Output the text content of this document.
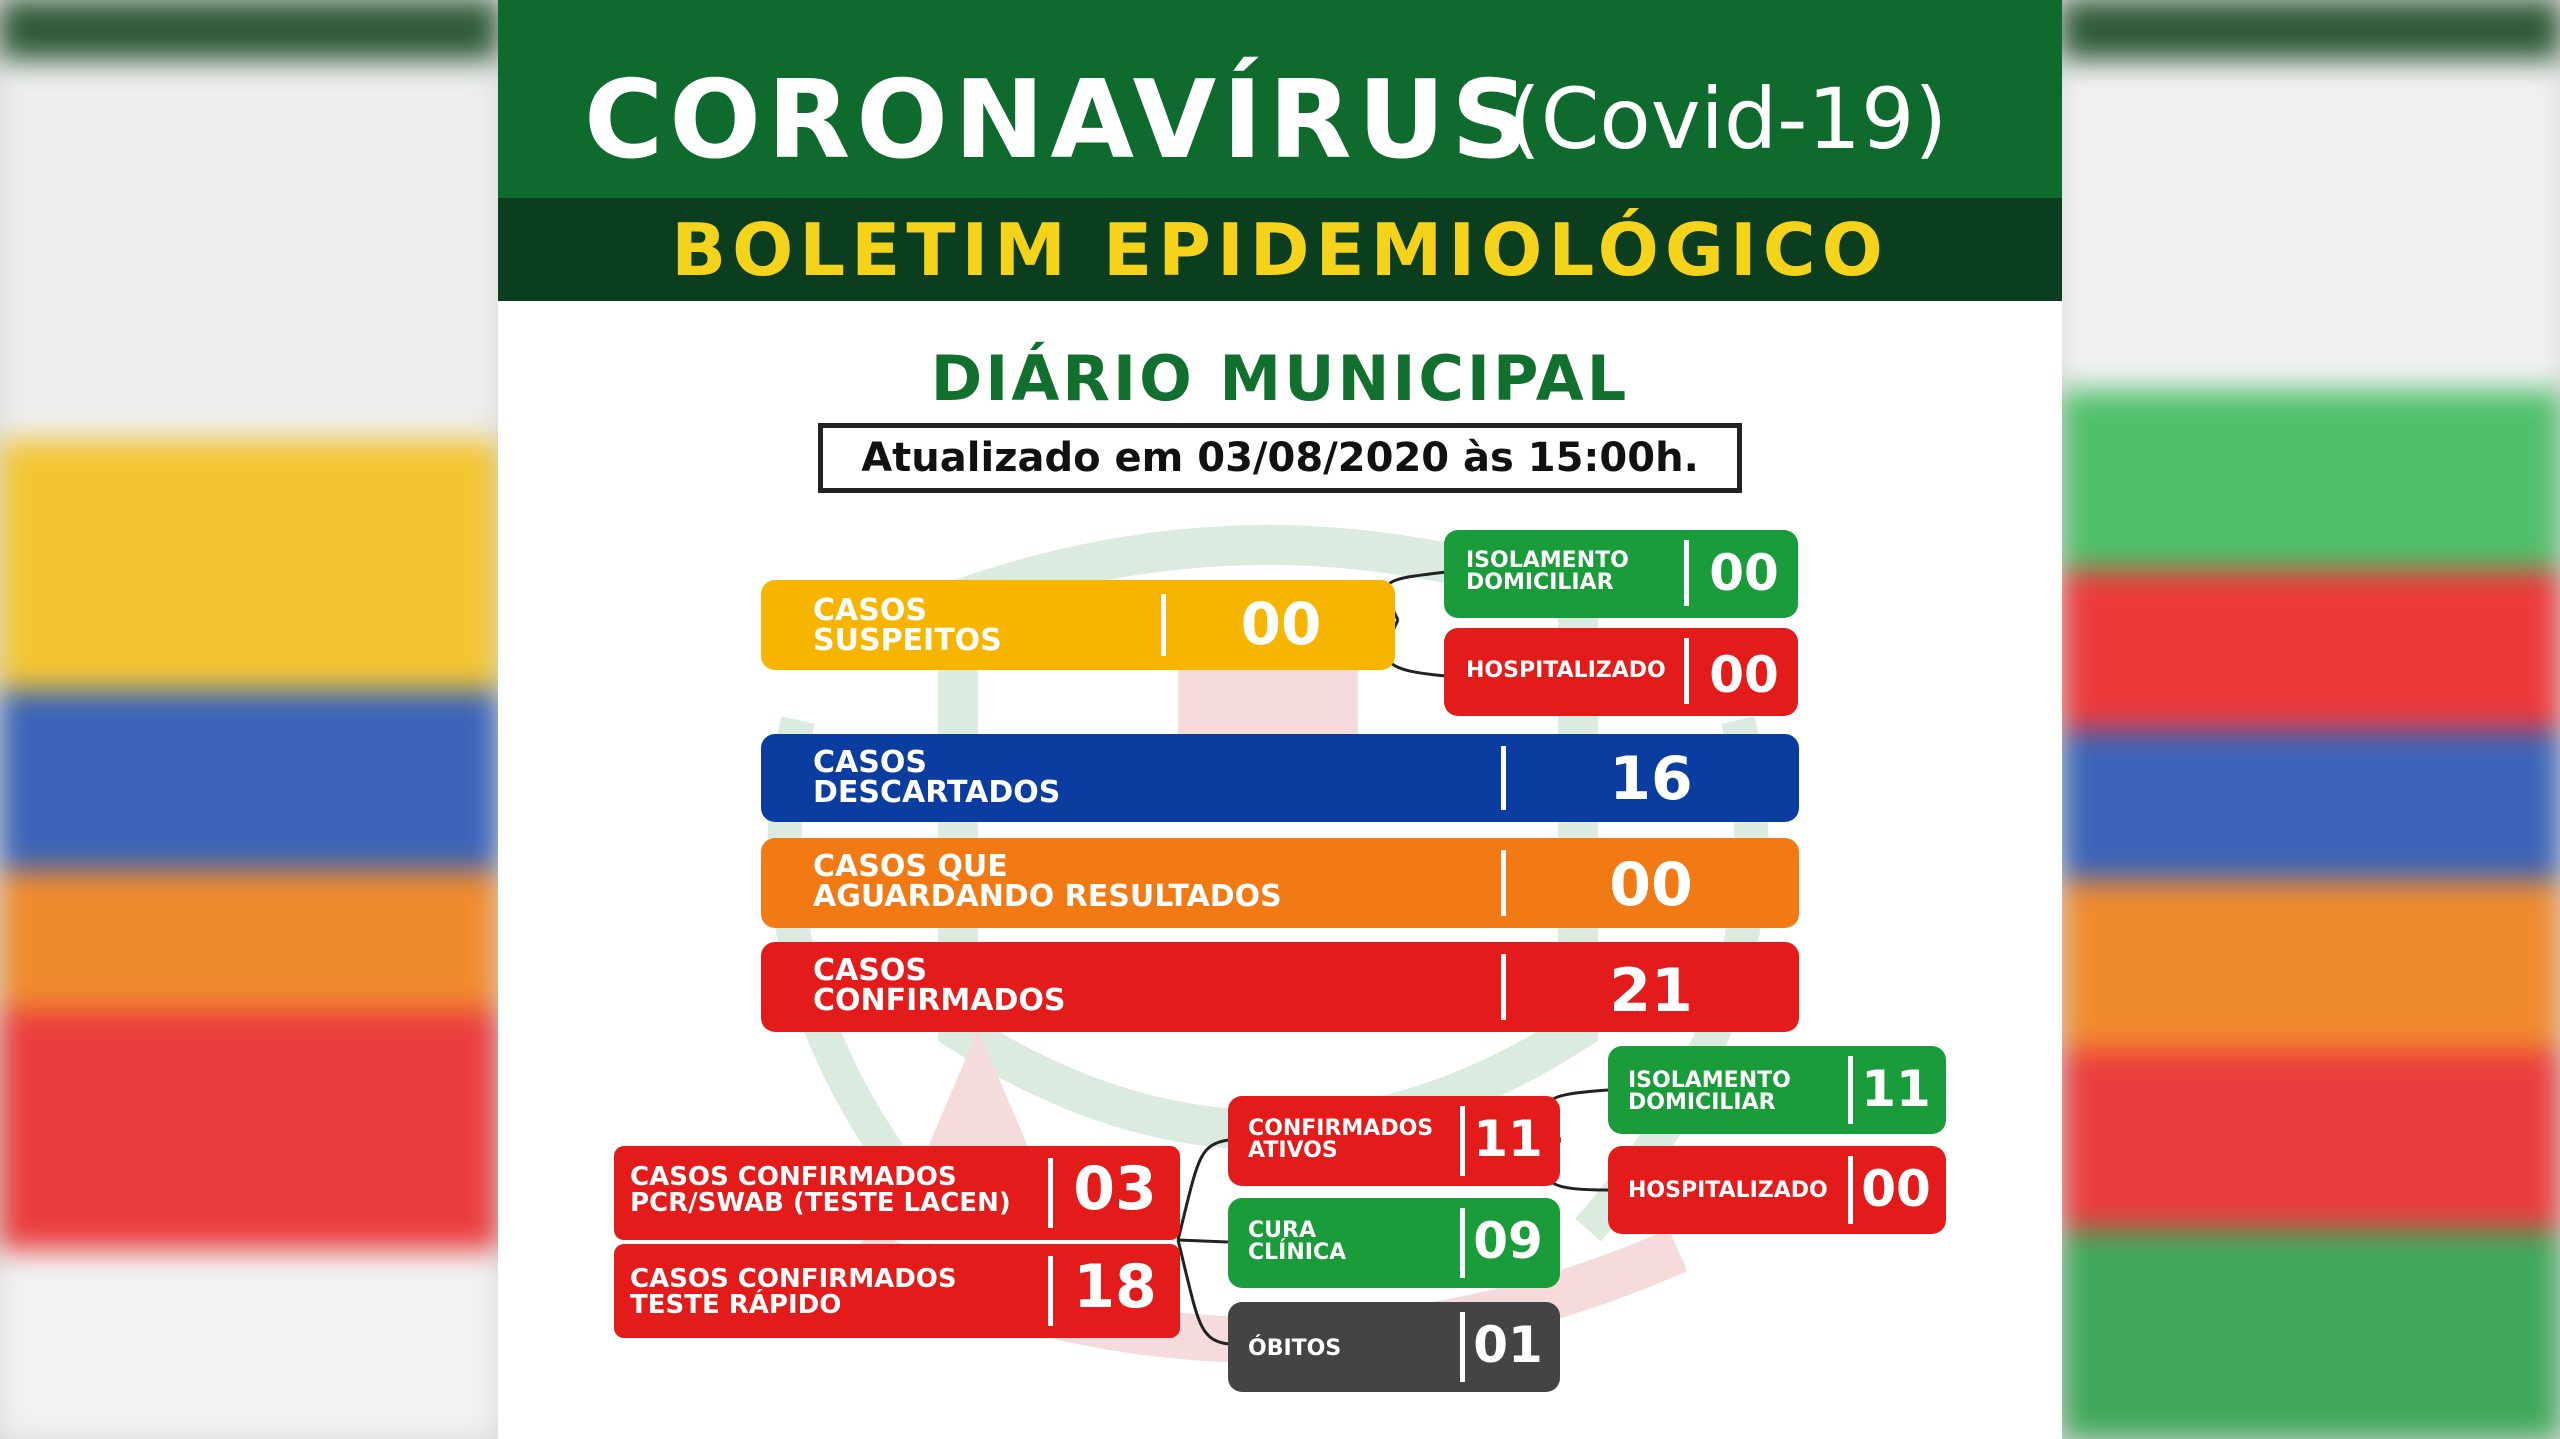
CORONAVÍRUS
(Covid-19)
BOLETIM EPIDEMIOLÓGICO
DIÁRIO MUNICIPAL
Atualizado em 03/08/2020 às 15:00h.
CASOS
SUSPEITOS	00
ISOLAMENTO
DOMICILIAR	00
HOSPITALIZADO 00
CASOS
DESCARTADOS	16
CASOS QUE
AGUARDANDO RESULTADOS	00
CASOS
CONFIRMADOS	21
CASOS CONFIRMADOS
PCR/SWAB (TESTE LACEN) 03
CASOS CONFIRMADOS
TESTE RÁPIDO	18
CONFIRMADOS
ATIVOS	11
CURA
CLÍNICA	09
ÓBITOS	01
ISOLAMENTO
DOMICILIAR	11
HOSPITALIZADO 00
